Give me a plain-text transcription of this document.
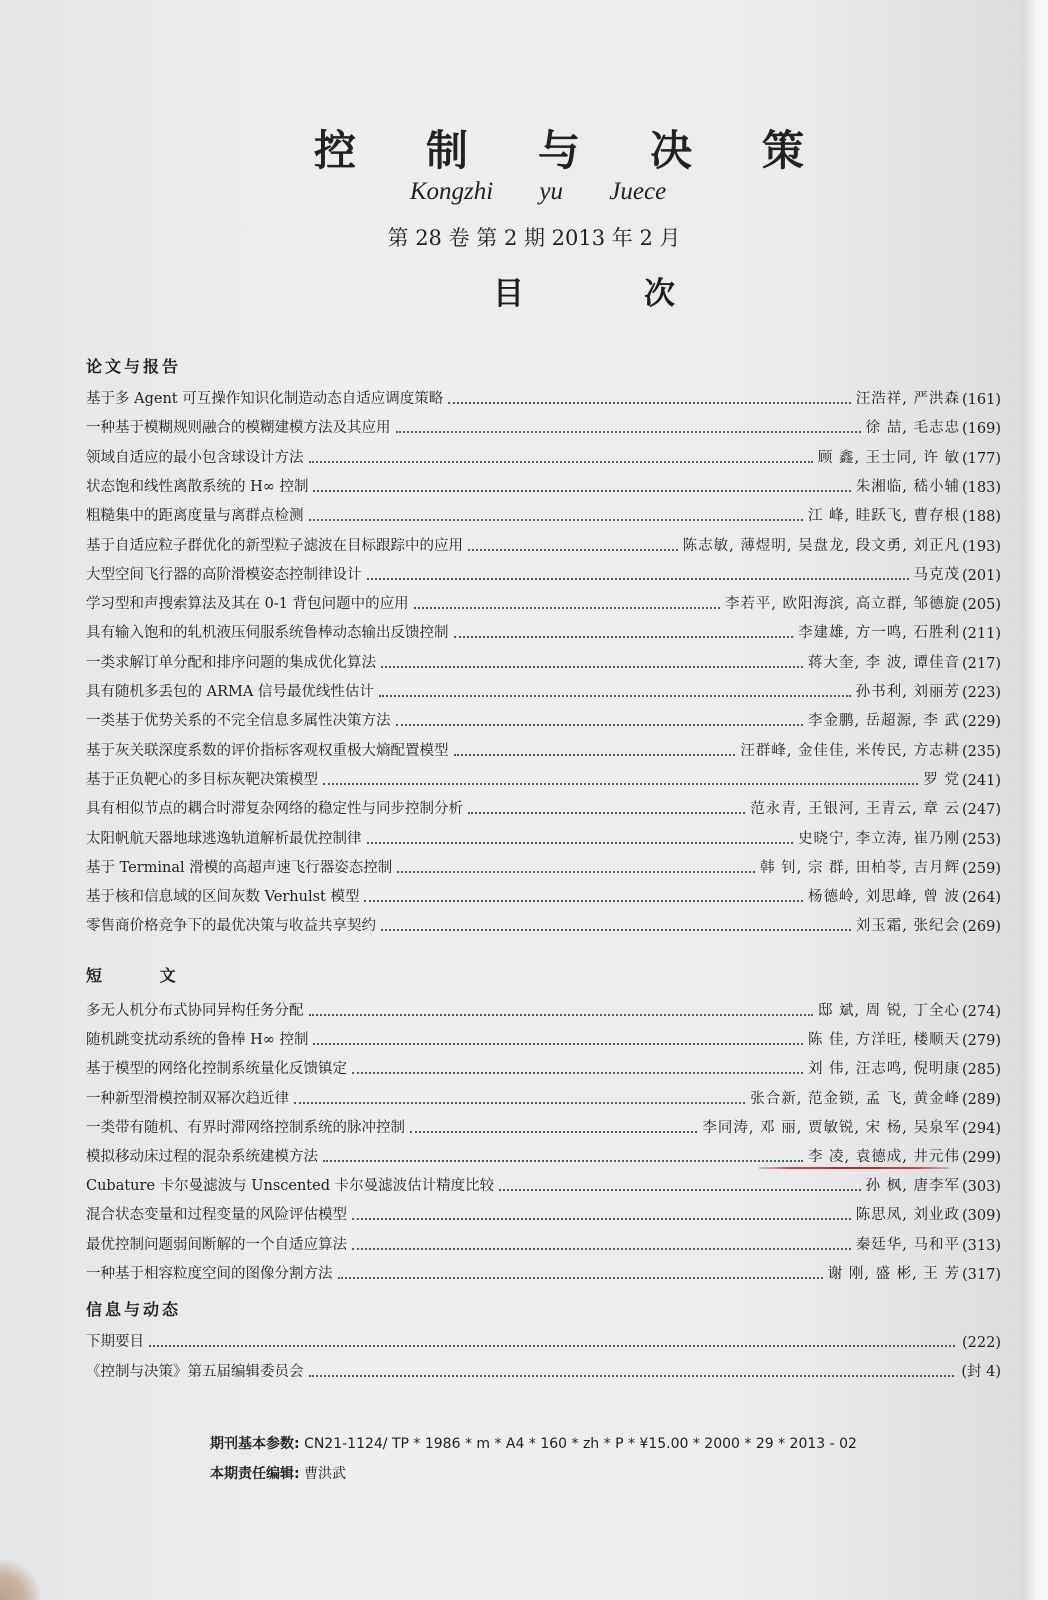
控制与决策
Kongzhi yu Juece
第 28 卷 第 2 期 2013 年 2 月
目次
论文与报告
基于多 Agent 可互操作知识化制造动态自适应调度策略	汪浩祥, 严洪森 (161)
一种基于模糊规则融合的模糊建模方法及其应用	徐 喆, 毛志忠 (169)
领域自适应的最小包含球设计方法	顾 鑫, 王士同, 许 敏 (177)
状态饱和线性离散系统的 H∞ 控制	朱湘临, 嵇小辅 (183)
粗糙集中的距离度量与离群点检测	江 峰, 眭跃飞, 曹存根 (188)
基于自适应粒子群优化的新型粒子滤波在目标跟踪中的应用	陈志敏, 薄煜明, 吴盘龙, 段文勇, 刘正凡 (193)
大型空间飞行器的高阶滑模姿态控制律设计	马克茂 (201)
学习型和声搜索算法及其在 0-1 背包问题中的应用	李若平, 欧阳海滨, 高立群, 邹德旋 (205)
具有输入饱和的轧机液压伺服系统鲁棒动态输出反馈控制	李建雄, 方一鸣, 石胜利 (211)
一类求解订单分配和排序问题的集成优化算法	蒋大奎, 李 波, 谭佳音 (217)
具有随机多丢包的 ARMA 信号最优线性估计	孙书利, 刘丽芳 (223)
一类基于优势关系的不完全信息多属性决策方法	李金鹏, 岳超源, 李 武 (229)
基于灰关联深度系数的评价指标客观权重极大熵配置模型	汪群峰, 金佳佳, 米传民, 方志耕 (235)
基于正负靶心的多目标灰靶决策模型	罗 党 (241)
具有相似节点的耦合时滞复杂网络的稳定性与同步控制分析	范永青, 王银河, 王青云, 章 云 (247)
太阳帆航天器地球逃逸轨道解析最优控制律	史晓宁, 李立涛, 崔乃刚 (253)
基于 Terminal 滑模的高超声速飞行器姿态控制	韩 钊, 宗 群, 田柏苓, 吉月辉 (259)
基于核和信息域的区间灰数 Verhulst 模型	杨德岭, 刘思峰, 曾 波 (264)
零售商价格竞争下的最优决策与收益共享契约	刘玉霜, 张纪会 (269)
短 文
多无人机分布式协同异构任务分配	邸 斌, 周 锐, 丁全心 (274)
随机跳变扰动系统的鲁棒 H∞ 控制	陈 佳, 方洋旺, 楼顺天 (279)
基于模型的网络化控制系统量化反馈镇定	刘 伟, 汪志鸣, 倪明康 (285)
一种新型滑模控制双幂次趋近律	张合新, 范金锁, 孟 飞, 黄金峰 (289)
一类带有随机、有界时滞网络控制系统的脉冲控制	李同涛, 邓 丽, 贾敏锐, 宋 杨, 吴泉军 (294)
模拟移动床过程的混杂系统建模方法	李 凌, 袁德成, 井元伟 (299)
Cubature 卡尔曼滤波与 Unscented 卡尔曼滤波估计精度比较	孙 枫, 唐李军 (303)
混合状态变量和过程变量的风险评估模型	陈思凤, 刘业政 (309)
最优控制问题弱间断解的一个自适应算法	秦廷华, 马和平 (313)
一种基于相容粒度空间的图像分割方法	谢 刚, 盛 彬, 王 芳 (317)
信息与动态
下期要目	(222)
《控制与决策》第五届编辑委员会	(封 4)
期刊基本参数: CN21-1124/ TP * 1986 * m * A4 * 160 * zh * P * ¥15.00 * 2000 * 29 * 2013 - 02
本期责任编辑: 曹洪武
